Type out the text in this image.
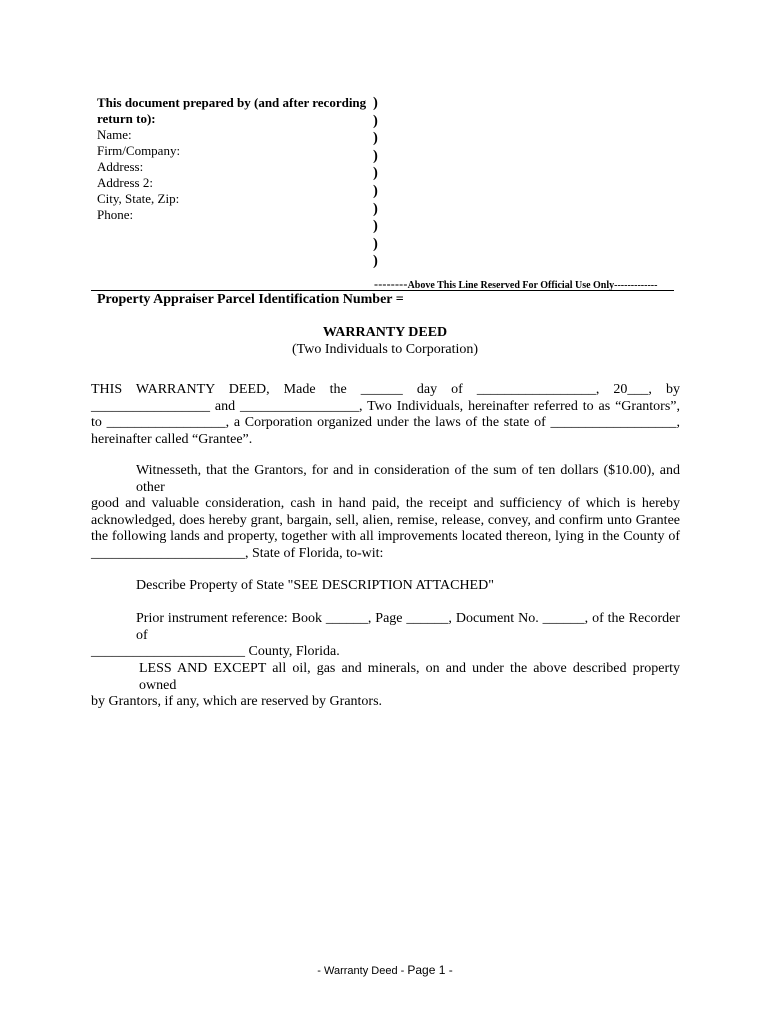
This document prepared by (and after recording return to):
Name:
Firm/Company:
Address:
Address 2:
City, State, Zip:
Phone:
)
)
)
)
)
)
)
)
)
)
--------Above This Line Reserved For Official Use Only-------------
Property Appraiser Parcel Identification Number =
WARRANTY DEED
(Two Individuals to Corporation)
THIS WARRANTY DEED, Made the ______ day of _________________, 20___, by
_________________ and _________________, Two Individuals, hereinafter referred to as “Grantors”,
to _________________, a Corporation organized under the laws of the state of __________________,
hereinafter called “Grantee”.
Witnesseth, that the Grantors, for and in consideration of the sum of ten dollars ($10.00), and other
good and valuable consideration, cash in hand paid, the receipt and sufficiency of which is hereby
acknowledged, does hereby grant, bargain, sell, alien, remise, release, convey, and confirm unto Grantee
the following lands and property, together with all improvements located thereon, lying in the County of
______________________, State of Florida, to-wit:
Describe Property of State "SEE DESCRIPTION ATTACHED"
Prior instrument reference: Book ______, Page ______, Document No. ______, of the Recorder of
______________________ County, Florida.
LESS AND EXCEPT all oil, gas and minerals, on and under the above described property owned
by Grantors, if any, which are reserved by Grantors.
- Warranty Deed - Page 1 -
